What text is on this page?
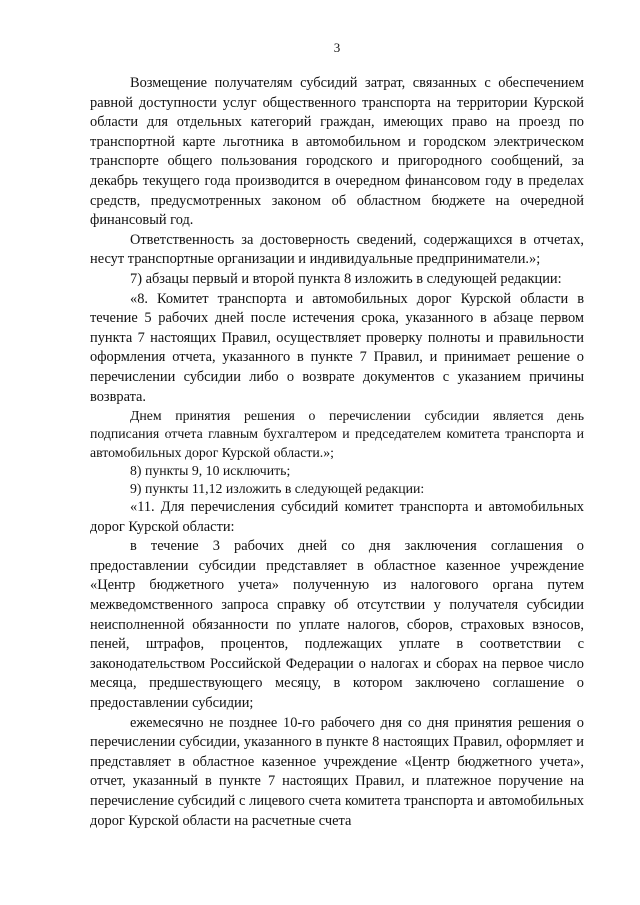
3

Возмещение получателям субсидий затрат, связанных с обеспечением равной доступности услуг общественного транспорта на территории Курской области для отдельных категорий граждан, имеющих право на проезд по транспортной карте льготника в автомобильном и городском электрическом транспорте общего пользования городского и пригородного сообщений, за декабрь текущего года производится в очередном финансовом году в пределах средств, предусмотренных законом об областном бюджете на очередной финансовый год.

Ответственность за достоверность сведений, содержащихся в отчетах, несут транспортные организации и индивидуальные предприниматели.»;

7) абзацы первый и второй пункта 8 изложить в следующей редакции:

«8. Комитет транспорта и автомобильных дорог Курской области в течение 5 рабочих дней после истечения срока, указанного в абзаце первом пункта 7 настоящих Правил, осуществляет проверку полноты и правильности оформления отчета, указанного в пункте 7 Правил, и принимает решение о перечислении субсидии либо о возврате документов с указанием причины возврата.

Днем принятия решения о перечислении субсидии является день подписания отчета главным бухгалтером и председателем комитета транспорта и автомобильных дорог Курской области.»;

8) пункты 9, 10 исключить;

9) пункты 11,12 изложить в следующей редакции:

«11. Для перечисления субсидий комитет транспорта и автомобильных дорог Курской области:

в течение 3 рабочих дней со дня заключения соглашения о предоставлении субсидии представляет в областное казенное учреждение «Центр бюджетного учета» полученную из налогового органа путем межведомственного запроса справку об отсутствии у получателя субсидии неисполненной обязанности по уплате налогов, сборов, страховых взносов, пеней, штрафов, процентов, подлежащих уплате в соответствии с законодательством Российской Федерации о налогах и сборах на первое число месяца, предшествующего месяцу, в котором заключено соглашение о предоставлении субсидии;

ежемесячно не позднее 10-го рабочего дня со дня принятия решения о перечислении субсидии, указанного в пункте 8 настоящих Правил, оформляет и представляет в областное казенное учреждение «Центр бюджетного учета», отчет, указанный в пункте 7 настоящих Правил, и платежное поручение на перечисление субсидий с лицевого счета комитета транспорта и автомобильных дорог Курской области на расчетные счета
